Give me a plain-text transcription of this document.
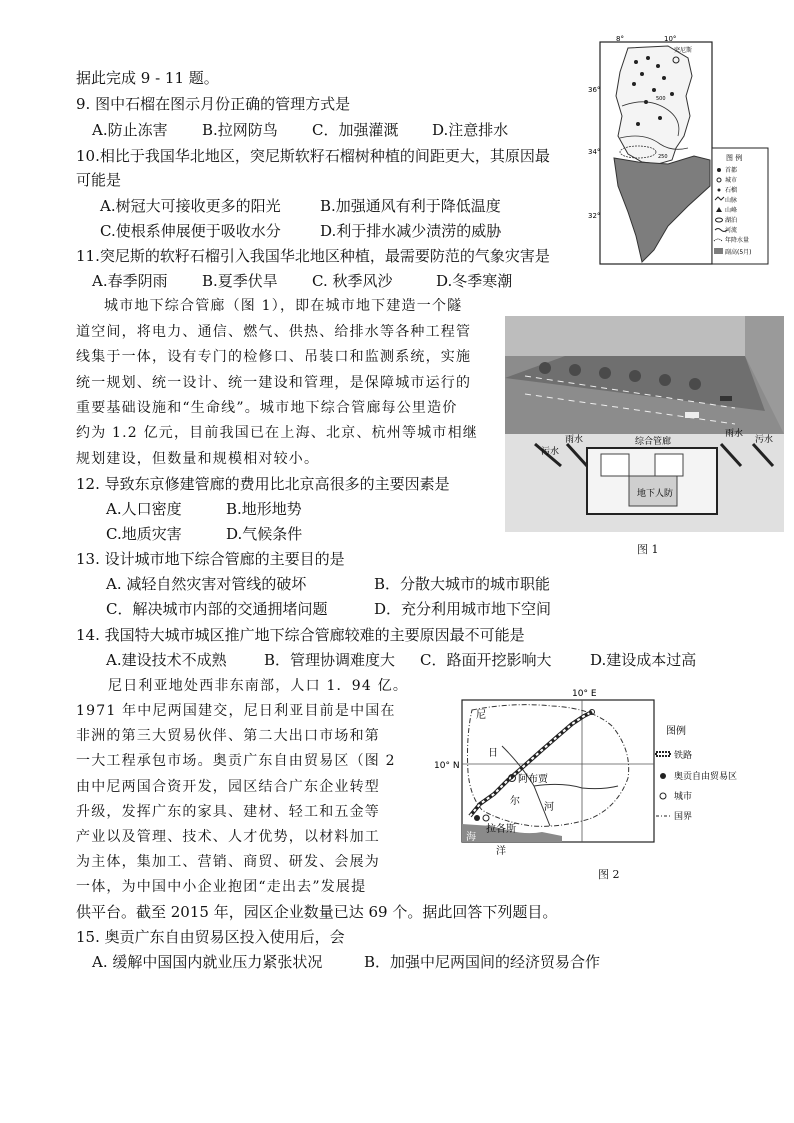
据此完成 9 - 11 题。
9. 图中石榴在图示月份正确的管理方式是
A.防止冻害 B.拉网防鸟 C．加强灌溉 D.注意排水
10.相比于我国华北地区，突尼斯软籽石榴树种植的间距更大，其原因最
可能是
A.树冠大可接收更多的阳光	B.加强通风有利于降低温度
C.使根系伸展便于吸收水分	D.利于排水减少渍涝的威胁
11.突尼斯的软籽石榴引入我国华北地区种植，最需要防范的气象灾害是
A.春季阴雨 B.夏季伏旱 C. 秋季风沙	D.冬季寒潮
城市地下综合管廊（图 1），即在城市地下建造一个隧
道空间，将电力、通信、燃气、供热、给排水等各种工程管
线集于一体，设有专门的检修口、吊装口和监测系统，实施
统一规划、统一设计、统一建设和管理，是保障城市运行的
重要基础设施和“生命线”。城市地下综合管廊每公里造价
约为 1.2 亿元，目前我国已在上海、北京、杭州等城市相继
规划建设，但数量和规模相对较小。
12. 导致东京修建管廊的费用比北京高很多的主要因素是
A.人口密度	B.地形地势
C.地质灾害	D.气候条件
13. 设计城市地下综合管廊的主要目的是
A. 减轻自然灾害对管线的破坏	B．分散大城市的城市职能
C．解决城市内部的交通拥堵问题	D．充分利用城市地下空间
14. 我国特大城市城区推广地下综合管廊较难的主要原因最不可能是
A.建设技术不成熟 B．管理协调难度大 C．路面开挖影响大	D.建设成本过高
尼日利亚地处西非东南部，人口 1．94 亿。
1971 年中尼两国建交，尼日利亚目前是中国在
非洲的第三大贸易伙伴、第二大出口市场和第
一大工程承包市场。奥贡广东自由贸易区（图 2
由中尼两国合资开发，园区结合广东企业转型
升级，发挥广东的家具、建材、轻工和五金等
产业以及管理、技术、人才优势，以材料加工
为主体，集加工、营销、商贸、研发、会展为
一体，为中国中小企业抱团“走出去”发展提
供平台。截至 2015 年，园区企业数量已达 69 个。据此回答下列题目。
15. 奥贡广东自由贸易区投入使用后，会
A. 缓解中国国内就业压力紧张状况	B．加强中尼两国间的经济贸易合作
8°	10°
36°
34°
32°
突尼斯
500
250	图 例
首都
城市
石榴
山脉
山峰
湖泊
河流
年降水量
副高(5月)
雨水
雨水
污水
污水
综合管廊
地下人防
图 1
10° E
10° N
尼
日
尔
阿布贾
拉各斯
河
海
洋
图例
铁路
奥贡自由贸易区
城市
国界
图 2
